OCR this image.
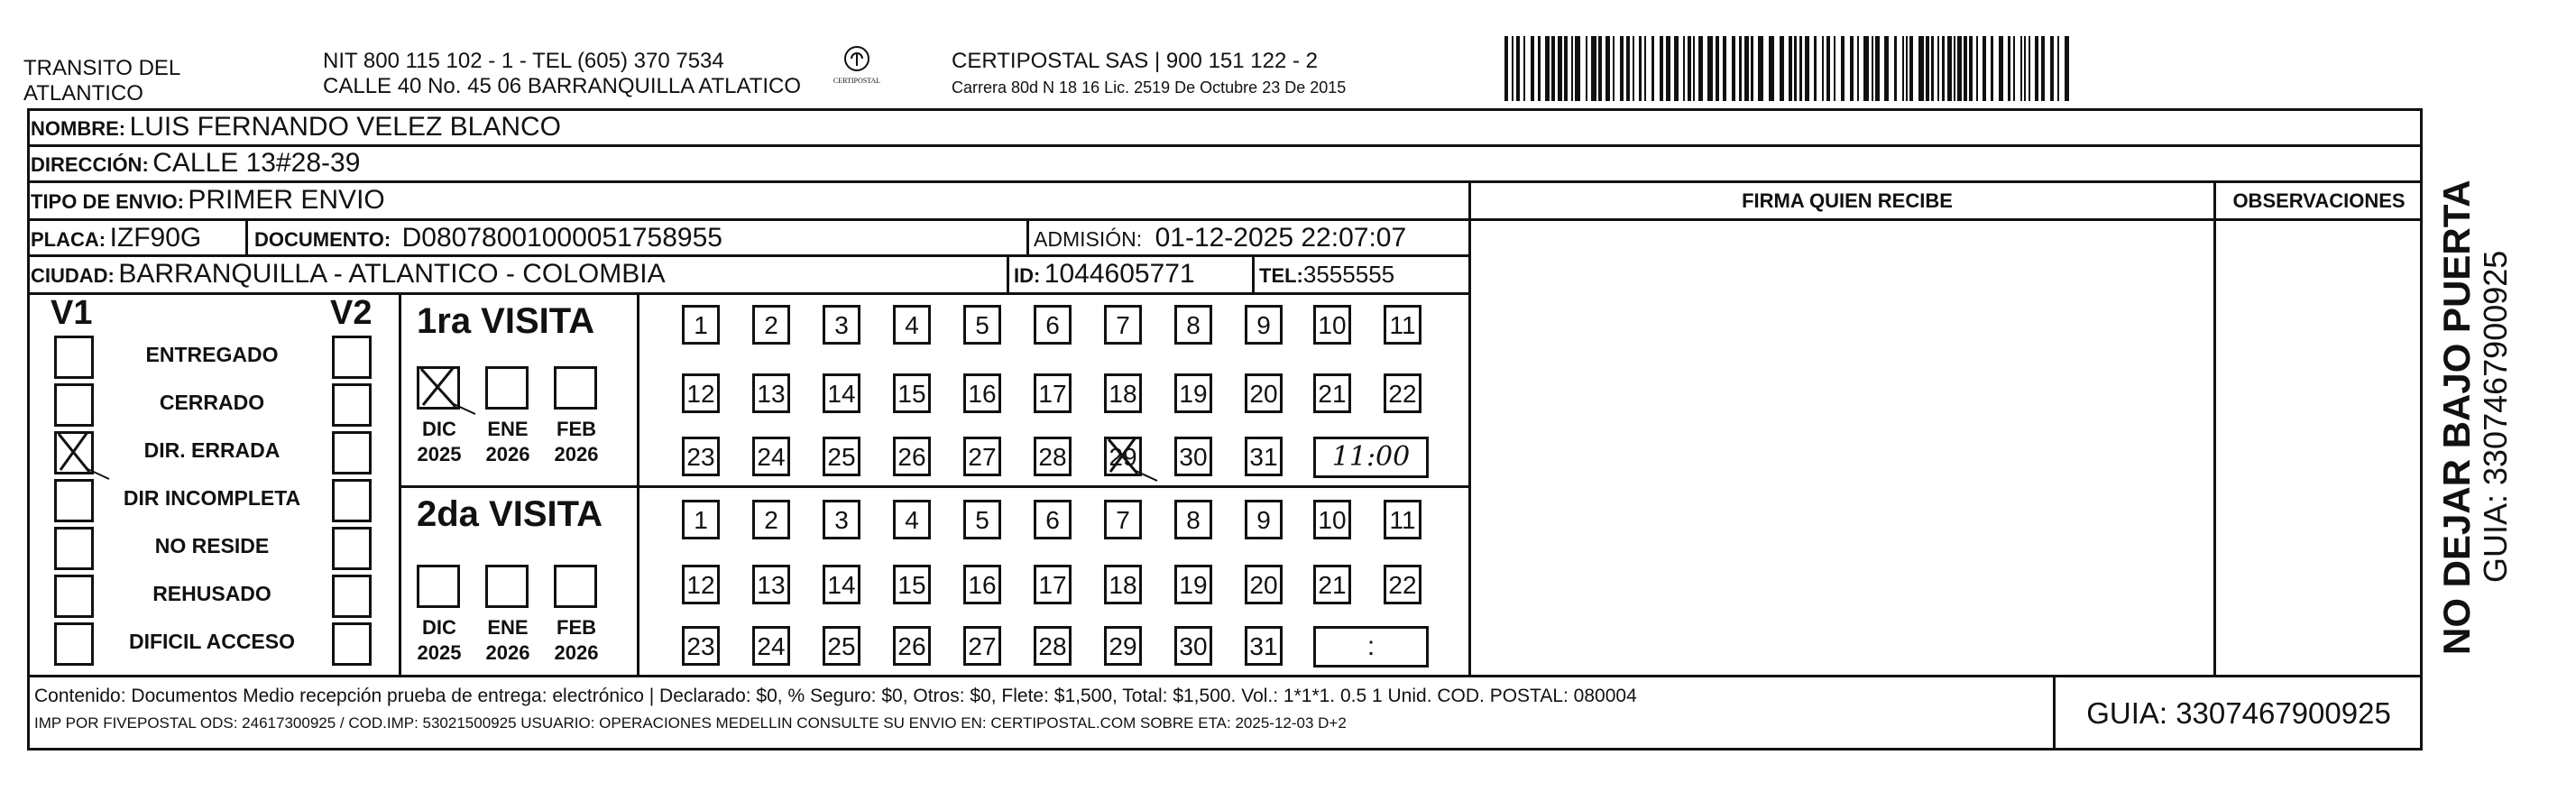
TRANSITO DEL
ATLANTICO
NIT 800 115 102 - 1 - TEL (605) 370 7534
CALLE 40 No. 45 06 BARRANQUILLA ATLATICO	CERTIPOSTAL
CERTIPOSTAL SAS | 900 151 122 - 2
Carrera 80d N 18 16 Lic. 2519 De Octubre 23 De 2015
NOMBRE: LUIS FERNANDO VELEZ BLANCO
DIRECCIÓN: CALLE 13#28-39
TIPO DE ENVIO: PRIMER ENVIO	FIRMA QUIEN RECIBE	OBSERVACIONES
PLACA: IZF90G	DOCUMENTO: D08078001000051758955	ADMISIÓN: 01-12-2025 22:07:07
CIUDAD: BARRANQUILLA - ATLANTICO - COLOMBIA	ID: 1044605771	TEL:3555555
V1	V2
ENTREGADO
CERRADO
DIR. ERRADA
DIR INCOMPLETA
NO RESIDE
REHUSADO
DIFICIL ACCESO
1ra VISITA
2da VISITA
DIC
2025
ENE
2026
FEB
2026
DIC
2025
ENE
2026
FEB
2026
1	2	3	4	5	6	7	8	9	10 11
12 13 14 15 16 17 18 19 20 21 22
23 24 25 26 27 28 29 30 31	11:00
1	2	3	4	5	6	7	8	9	10 11
12 13 14 15 16 17 18 19 20 21 22
23 24 25 26 27 28 29 30 31	:
Contenido: Documentos Medio recepción prueba de entrega: electrónico | Declarado: $0, % Seguro: $0, Otros: $0, Flete: $1,500, Total: $1,500. Vol.: 1*1*1. 0.5 1 Unid. COD. POSTAL: 080004
IMP POR FIVEPOSTAL ODS: 24617300925 / COD.IMP: 53021500925 USUARIO: OPERACIONES MEDELLIN CONSULTE SU ENVIO EN: CERTIPOSTAL.COM SOBRE ETA: 2025-12-03 D+2	GUIA: 3307467900925
NO DEJAR BAJO PUERTA GUIA: 3307467900925
